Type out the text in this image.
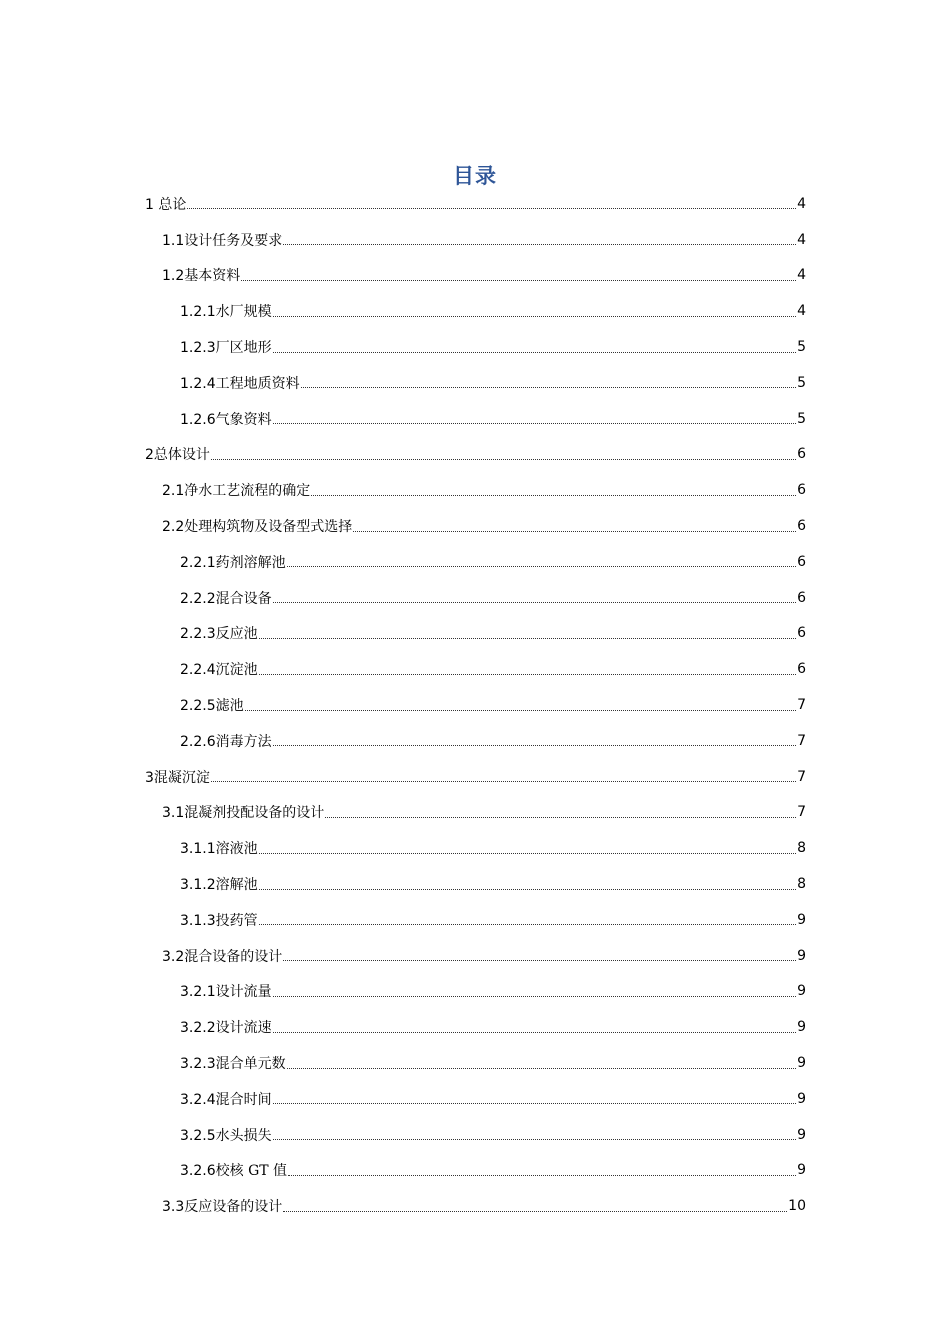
目录
1 总论	4
1.1设计任务及要求	4
1.2基本资料	4
1.2.1水厂规模	4
1.2.3厂区地形	5
1.2.4工程地质资料	5
1.2.6气象资料	5
2总体设计	6
2.1净水工艺流程的确定	6
2.2处理构筑物及设备型式选择	6
2.2.1药剂溶解池	6
2.2.2混合设备	6
2.2.3反应池	6
2.2.4沉淀池	6
2.2.5滤池	7
2.2.6消毒方法	7
3混凝沉淀	7
3.1混凝剂投配设备的设计	7
3.1.1溶液池	8
3.1.2溶解池	8
3.1.3投药管	9
3.2混合设备的设计	9
3.2.1设计流量	9
3.2.2设计流速	9
3.2.3混合单元数	9
3.2.4混合时间	9
3.2.5水头损失	9
3.2.6校核 GT 值	9
3.3反应设备的设计	10
